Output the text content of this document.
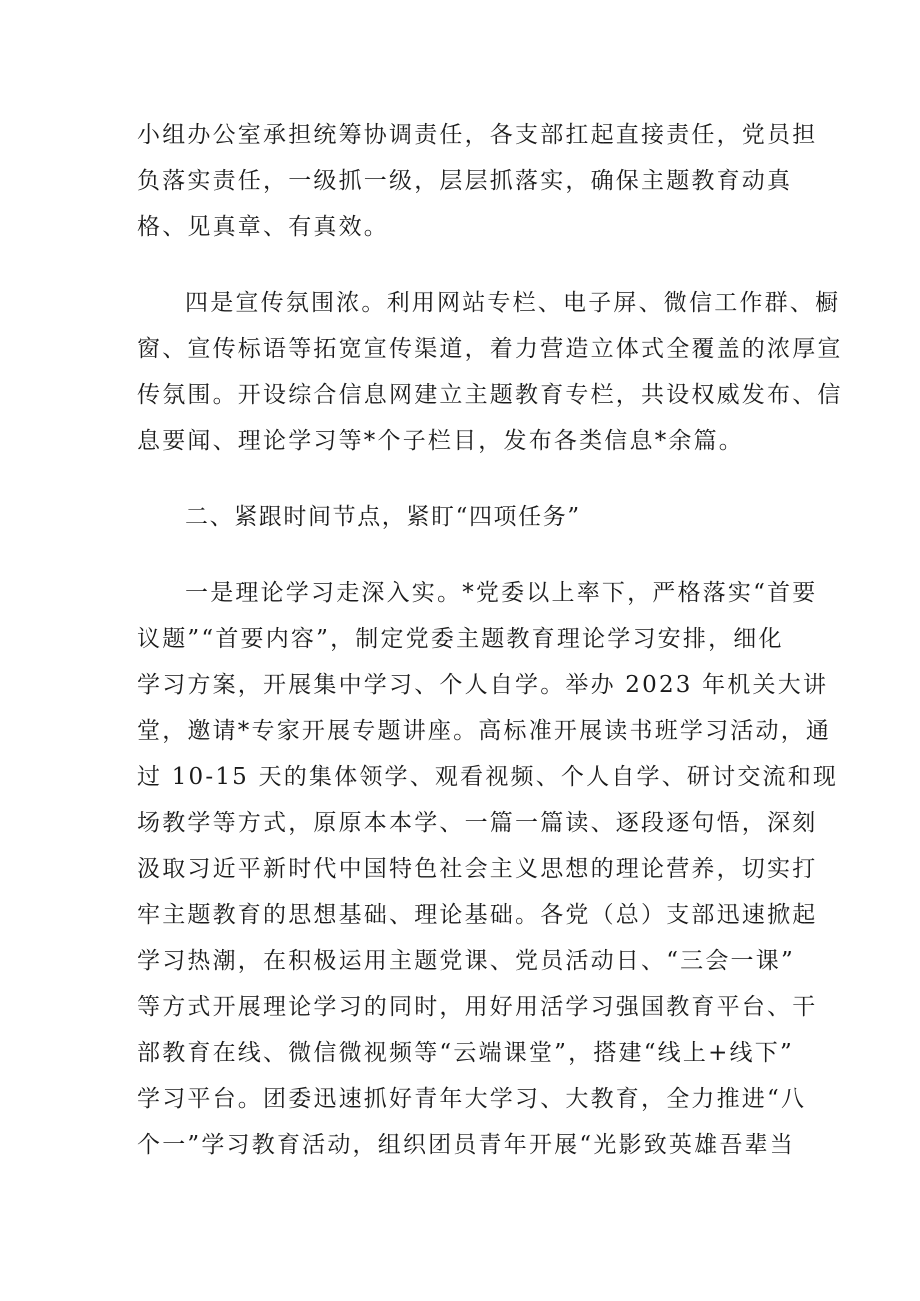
小组办公室承担统筹协调责任，各支部扛起直接责任，党员担
负落实责任，一级抓一级，层层抓落实，确保主题教育动真
格、见真章、有真效。
四是宣传氛围浓。利用网站专栏、电子屏、微信工作群、橱
窗、宣传标语等拓宽宣传渠道，着力营造立体式全覆盖的浓厚宣
传氛围。开设综合信息网建立主题教育专栏，共设权威发布、信
息要闻、理论学习等*个子栏目，发布各类信息*余篇。
二、紧跟时间节点，紧盯“四项任务”
一是理论学习走深入实。*党委以上率下，严格落实“首要
议题”“首要内容”，制定党委主题教育理论学习安排，细化
学习方案，开展集中学习、个人自学。举办 2023 年机关大讲
堂，邀请*专家开展专题讲座。高标准开展读书班学习活动，通
过 10-15 天的集体领学、观看视频、个人自学、研讨交流和现
场教学等方式，原原本本学、一篇一篇读、逐段逐句悟，深刻
汲取习近平新时代中国特色社会主义思想的理论营养，切实打
牢主题教育的思想基础、理论基础。各党（总）支部迅速掀起
学习热潮，在积极运用主题党课、党员活动日、“三会一课”
等方式开展理论学习的同时，用好用活学习强国教育平台、干
部教育在线、微信微视频等“云端课堂”，搭建“线上+线下”
学习平台。团委迅速抓好青年大学习、大教育，全力推进“八
个一”学习教育活动，组织团员青年开展“光影致英雄吾辈当
